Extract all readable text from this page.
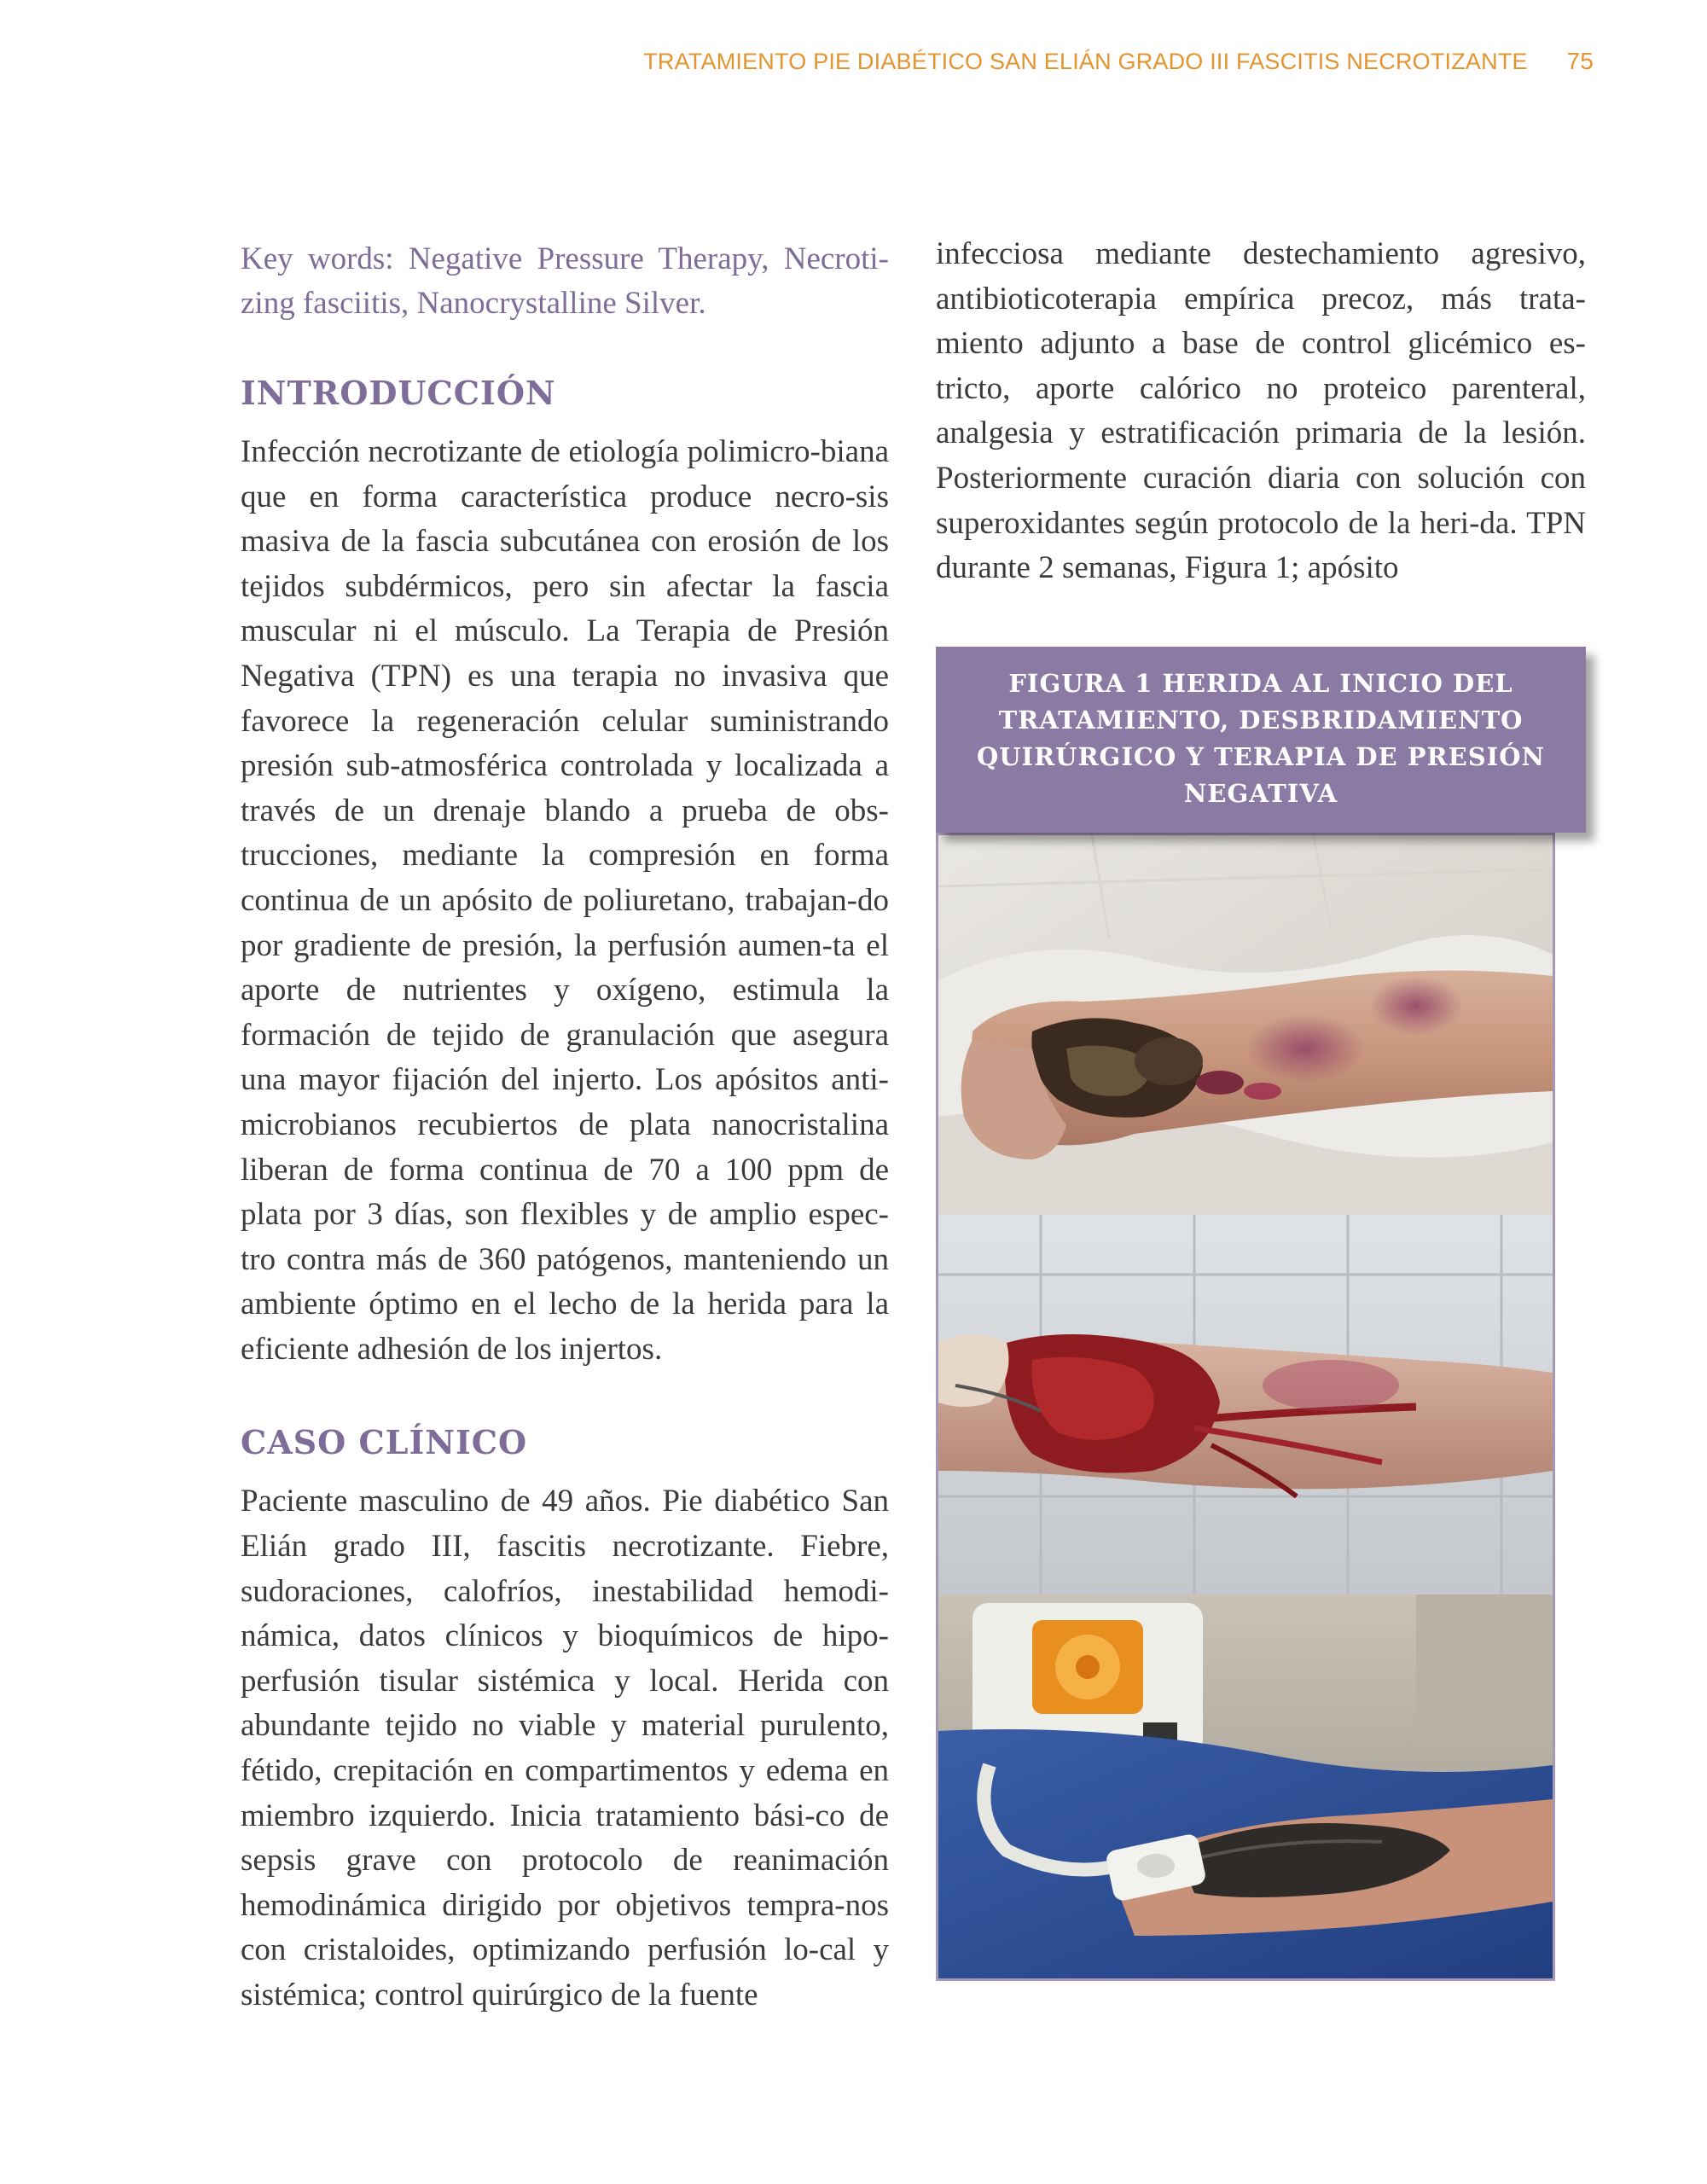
TRATAMIENTO PIE DIABÉTICO SAN ELIÁN GRADO III FASCITIS NECROTIZANTE 75

Key words: Negative Pressure Therapy, Necroti-zing fasciitis, Nanocrystalline Silver.

INTRODUCCIÓN

Infección necrotizante de etiología polimicro-biana que en forma característica produce necro-sis masiva de la fascia subcutánea con erosión de los tejidos subdérmicos, pero sin afectar la fascia muscular ni el músculo. La Terapia de Presión Negativa (TPN) es una terapia no invasiva que favorece la regeneración celular suministrando presión sub-atmosférica controlada y localizada a través de un drenaje blando a prueba de obs-trucciones, mediante la compresión en forma continua de un apósito de poliuretano, trabajan-do por gradiente de presión, la perfusión aumen-ta el aporte de nutrientes y oxígeno, estimula la formación de tejido de granulación que asegura una mayor fijación del injerto. Los apósitos anti-microbianos recubiertos de plata nanocristalina liberan de forma continua de 70 a 100 ppm de plata por 3 días, son flexibles y de amplio espec-tro contra más de 360 patógenos, manteniendo un ambiente óptimo en el lecho de la herida para la eficiente adhesión de los injertos.

CASO CLÍNICO

Paciente masculino de 49 años. Pie diabético San Elián grado III, fascitis necrotizante. Fiebre, sudoraciones, calofríos, inestabilidad hemodi-námica, datos clínicos y bioquímicos de hipo-perfusión tisular sistémica y local. Herida con abundante tejido no viable y material purulento, fétido, crepitación en compartimentos y edema en miembro izquierdo. Inicia tratamiento bási-co de sepsis grave con protocolo de reanimación hemodinámica dirigido por objetivos tempra-nos con cristaloides, optimizando perfusión lo-cal y sistémica; control quirúrgico de la fuente

infecciosa mediante destechamiento agresivo, antibioticoterapia empírica precoz, más trata-miento adjunto a base de control glicémico es-tricto, aporte calórico no proteico parenteral, analgesia y estratificación primaria de la lesión. Posteriormente curación diaria con solución con superoxidantes según protocolo de la heri-da. TPN durante 2 semanas, Figura 1; apósito

FIGURA 1 HERIDA AL INICIO DEL TRATAMIENTO, DESBRIDAMIENTO QUIRÚRGICO Y TERAPIA DE PRESIÓN NEGATIVA
